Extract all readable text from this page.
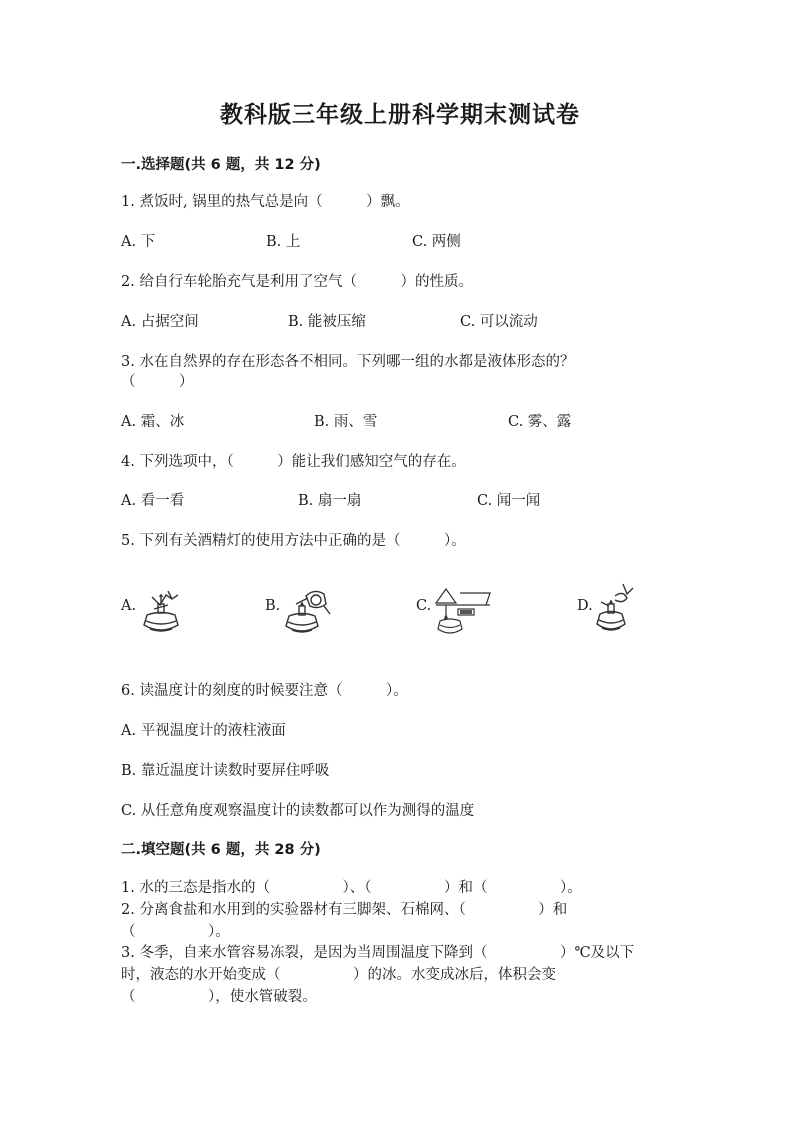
教科版三年级上册科学期末测试卷
一.选择题(共 6 题，共 12 分)
1. 煮饭时, 锅里的热气总是向（　　　）飘。
A. 下	B. 上	C. 两侧
2. 给自行车轮胎充气是利用了空气（　　　）的性质。
A. 占据空间	B. 能被压缩	C. 可以流动
3. 水在自然界的存在形态各不相同。下列哪一组的水都是液体形态的？
（　　　）
A. 霜、冰	B. 雨、雪	C. 雾、露
4. 下列选项中，（　　　）能让我们感知空气的存在。
A. 看一看	B. 扇一扇	C. 闻一闻
5. 下列有关酒精灯的使用方法中正确的是（　　　）。
A.	B.	C.	D.
6. 读温度计的刻度的时候要注意（　　　）。
A. 平视温度计的液柱液面
B. 靠近温度计读数时要屏住呼吸
C. 从任意角度观察温度计的读数都可以作为测得的温度
二.填空题(共 6 题，共 28 分)
1. 水的三态是指水的（　　　　　）、（　　　　　）和（　　　　　）。
2. 分离食盐和水用到的实验器材有三脚架、石棉网、（　　　　　）和
（　　　　　）。
3. 冬季，自来水管容易冻裂，是因为当周围温度下降到（　　　　　）℃及以下
时，液态的水开始变成（　　　　　）的冰。水变成冰后，体积会变
（　　　　　），使水管破裂。
